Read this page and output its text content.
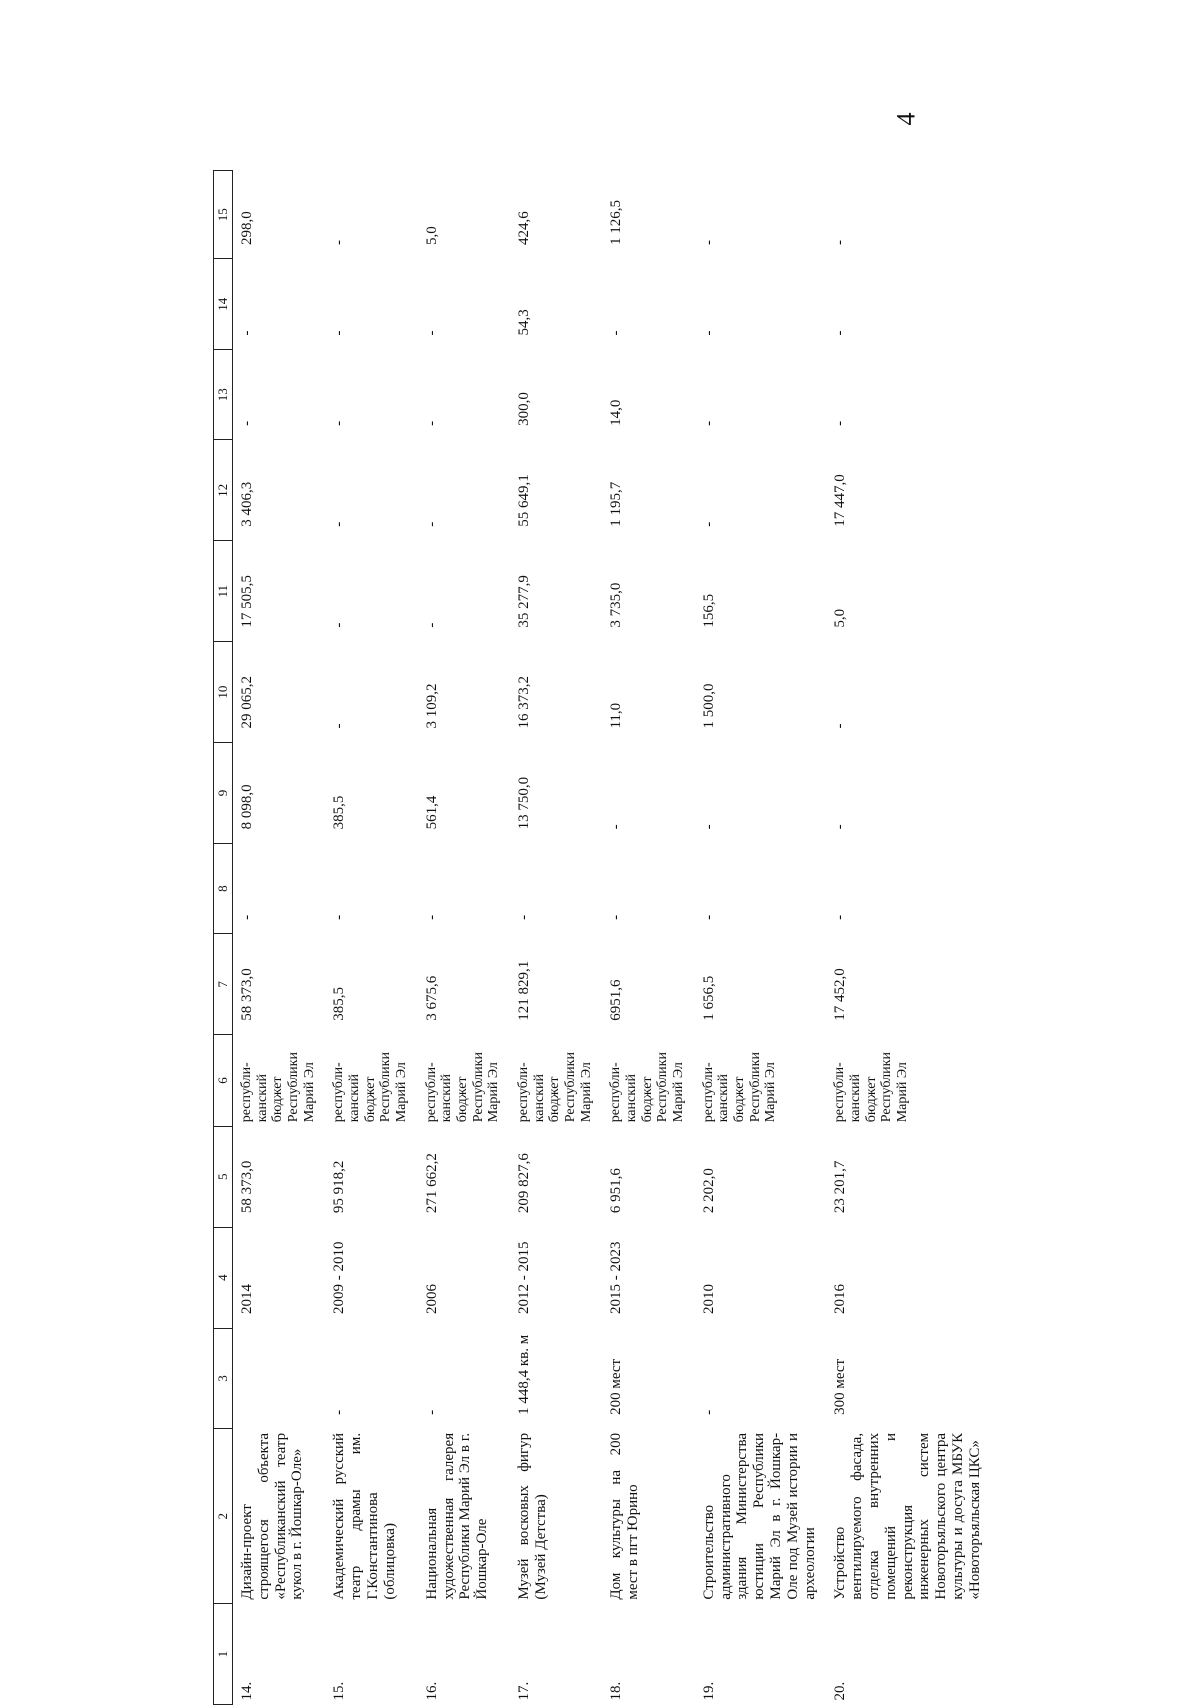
4
1	2	3	4	5	6	7	8	9	10	11	12	13	14	15
14.	Дизайн-проект строящегося объекта «Республиканский театр кукол в г. Йошкар-Оле»		2014	58 373,0	республи-канский бюджет Республики Марий Эл	58 373,0	-	8 098,0	29 065,2	17 505,5	3 406,3	-	-	298,0
15.	Академический русский театр драмы им. Г.Константинова (облицовка)	-	2009 - 2010	95 918,2	республи-канский бюджет Республики Марий Эл	385,5	-	385,5	-	-	-	-	-	-
16.	Национальная художественная галерея Республики Марий Эл в г. Йошкар-Оле	-	2006	271 662,2	республи-канский бюджет Республики Марий Эл	3 675,6	-	561,4	3 109,2	-	-	-	-	5,0
17.	Музей восковых фигур (Музей Детства)	1 448,4 кв. м	2012 - 2015	209 827,6	республи-канский бюджет Республики Марий Эл	121 829,1	-	13 750,0	16 373,2	35 277,9	55 649,1	300,0	54,3	424,6
18.	Дом культуры на 200 мест в пгт Юрино	200 мест	2015 - 2023	6 951,6	республи-канский бюджет Республики Марий Эл	6951,6	-	-	11,0	3 735,0	1 195,7	14,0	-	1 126,5
19.	Строительство административного здания Министерства юстиции Республики Марий Эл в г. Йошкар-Оле под Музей истории и археологии	-	2010	2 202,0	республи-канский бюджет Республики Марий Эл	1 656,5	-	-	1 500,0	156,5	-	-	-	-
20.	Устройство вентилируемого фасада, отделка внутренних помещений и реконструкция инженерных систем Новоторъяльского центра культуры и досуга МБУК «Новоторъяльская ЦКС»	300 мест	2016	23 201,7	республи-канский бюджет Республики Марий Эл	17 452,0	-	-	-	5,0	17 447,0	-	-	-
